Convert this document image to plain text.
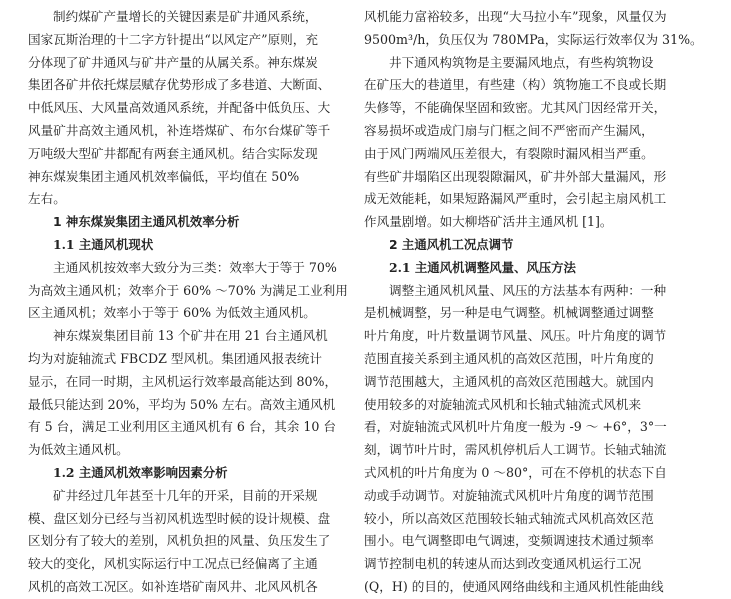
制约煤矿产量增长的关键因素是矿井通风系统，
国家瓦斯治理的十二字方针提出“以风定产”原则，充
分体现了矿井通风与矿井产量的从属关系。神东煤炭
集团各矿井依托煤层赋存优势形成了多巷道、大断面、
中低风压、大风量高效通风系统，并配备中低负压、大
风量矿井高效主通风机，补连塔煤矿、布尔台煤矿等千
万吨级大型矿井都配有两套主通风机。结合实际发现
神东煤炭集团主通风机效率偏低，平均值在 50%
左右。
1 神东煤炭集团主通风机效率分析
1.1 主通风机现状
主通风机按效率大致分为三类：效率大于等于 70%
为高效主通风机；效率介于 60% ～70% 为满足工业利用
区主通风机；效率小于等于 60% 为低效主通风机。
神东煤炭集团目前 13 个矿井在用 21 台主通风机
均为对旋轴流式 FBCDZ 型风机。集团通风报表统计
显示，在同一时期，主风机运行效率最高能达到 80%，
最低只能达到 20%，平均为 50% 左右。高效主通风机
有 5 台，满足工业利用区主通风机有 6 台，其余 10 台
为低效主通风机。
1.2 主通风机效率影响因素分析
矿井经过几年甚至十几年的开采，目前的开采规
模、盘区划分已经与当初风机选型时候的设计规模、盘
区划分有了较大的差别，风机负担的风量、负压发生了
较大的变化，风机实际运行中工况点已经偏离了主通
风机的高效工况区。如补连塔矿南风井、北风风机各
风机能力富裕较多，出现“大马拉小车”现象，风量仅为
9500m³/h，负压仅为 780MPa，实际运行效率仅为 31%。
井下通风构筑物是主要漏风地点，有些构筑物设
在矿压大的巷道里，有些建（构）筑物施工不良或长期
失修等，不能确保坚固和致密。尤其风门因经常开关，
容易损坏或造成门扇与门框之间不严密而产生漏风，
由于风门两端风压差很大，有裂隙时漏风相当严重。
有些矿井塌陷区出现裂隙漏风，矿井外部大量漏风，形
成无效能耗，如果短路漏风严重时，会引起主扇风机工
作风量剧增。如大柳塔矿活井主通风机 [1]。
2 主通风机工况点调节
2.1 主通风机调整风量、风压方法
调整主通风机风量、风压的方法基本有两种：一种
是机械调整，另一种是电气调整。机械调整通过调整
叶片角度，叶片数量调节风量、风压。叶片角度的调节
范围直接关系到主通风机的高效区范围，叶片角度的
调节范围越大，主通风机的高效区范围越大。就国内
使用较多的对旋轴流式风机和长轴式轴流式风机来
看，对旋轴流式风机叶片角度一般为 -9 ～ +6°，3°一
刻，调节叶片时，需风机停机后人工调节。长轴式轴流
式风机的叶片角度为 0 ～80°，可在不停机的状态下自
动或手动调节。对旋轴流式风机叶片角度的调节范围
较小，所以高效区范围较长轴式轴流式风机高效区范
围小。电气调整即电气调速，变频调速技术通过频率
调节控制电机的转速从而达到改变通风机运行工况
(Q，H) 的目的，使通风网络曲线和主通风机性能曲线
